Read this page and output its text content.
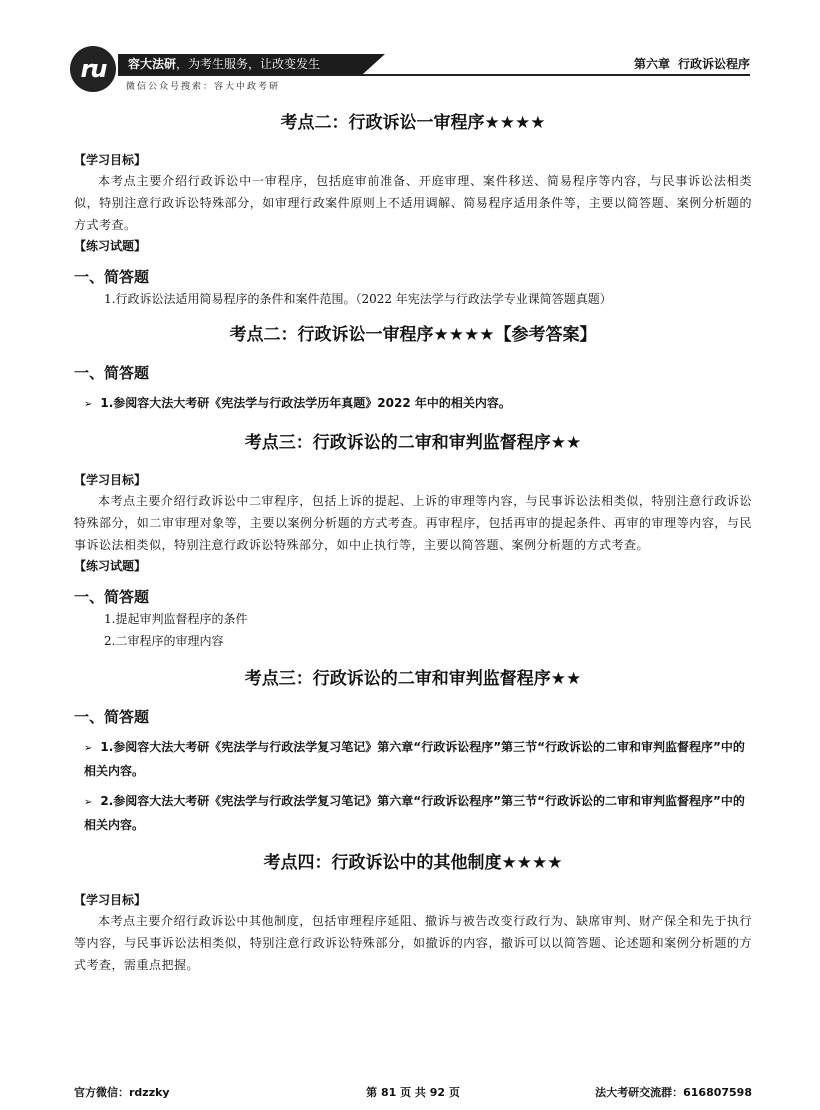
ru	容大法研，为考生服务，让改变发生
微信公众号搜索：容大中政考研
第六章 行政诉讼程序
考点二：行政诉讼一审程序★★★★
【学习目标】
本考点主要介绍行政诉讼中一审程序，包括庭审前准备、开庭审理、案件移送、简易程序等内容，与民事诉讼法相类似，特别注意行政诉讼特殊部分，如审理行政案件原则上不适用调解、简易程序适用条件等，主要以简答题、案例分析题的方式考查。
【练习试题】
一、简答题
1.行政诉讼法适用简易程序的条件和案件范围。（2022 年宪法学与行政法学专业课简答题真题）
考点二：行政诉讼一审程序★★★★【参考答案】
一、简答题
➢ 1.参阅容大法大考研《宪法学与行政法学历年真题》2022 年中的相关内容。
考点三：行政诉讼的二审和审判监督程序★★
【学习目标】
本考点主要介绍行政诉讼中二审程序，包括上诉的提起、上诉的审理等内容，与民事诉讼法相类似，特别注意行政诉讼特殊部分，如二审审理对象等，主要以案例分析题的方式考查。再审程序，包括再审的提起条件、再审的审理等内容，与民事诉讼法相类似，特别注意行政诉讼特殊部分，如中止执行等，主要以简答题、案例分析题的方式考查。
【练习试题】
一、简答题
1.提起审判监督程序的条件
2.二审程序的审理内容
考点三：行政诉讼的二审和审判监督程序★★
一、简答题
➢ 1.参阅容大法大考研《宪法学与行政法学复习笔记》第六章“行政诉讼程序”第三节“行政诉讼的二审和审判监督程序”中的相关内容。
➢ 2.参阅容大法大考研《宪法学与行政法学复习笔记》第六章“行政诉讼程序”第三节“行政诉讼的二审和审判监督程序”中的相关内容。
考点四：行政诉讼中的其他制度★★★★
【学习目标】
本考点主要介绍行政诉讼中其他制度，包括审理程序延阻、撤诉与被告改变行政行为、缺席审判、财产保全和先于执行等内容，与民事诉讼法相类似，特别注意行政诉讼特殊部分，如撤诉的内容，撤诉可以以简答题、论述题和案例分析题的方式考查，需重点把握。
官方微信：rdzzky	第 81 页 共 92 页	法大考研交流群：616807598
